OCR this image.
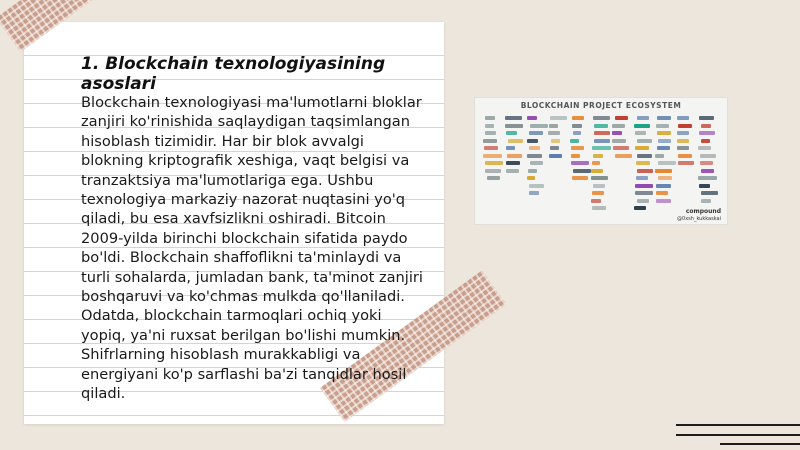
1. Blockchain texnologiyasining asoslari

Blockchain texnologiyasi ma'lumotlarni bloklar zanjiri ko'rinishida saqlaydigan taqsimlangan hisoblash tizimidir. Har bir blok avvalgi blokning kriptografik xeshiga, vaqt belgisi va tranzaktsiya ma'lumotlariga ega. Ushbu texnologiya markaziy nazorat nuqtasini yo'q qiladi, bu esa xavfsizlikni oshiradi. Bitcoin 2009-yilda birinchi blockchain sifatida paydo bo'ldi. Blockchain shaffoflikni ta'minlaydi va turli sohalarda, jumladan bank, ta'minot zanjiri boshqaruvi va ko'chmas mulkda qo'llaniladi. Odatda, blockchain tarmoqlari ochiq yoki yopiq, ya'ni ruxsat berilgan bo'lishi mumkin. Shifrlarning hisoblash murakkabligi va energiyani ko'p sarflashi ba'zi tanqidlar hosil qiladi.

BLOCKCHAIN PROJECT ECOSYSTEM
compound
@0xsh_kukkaskai
